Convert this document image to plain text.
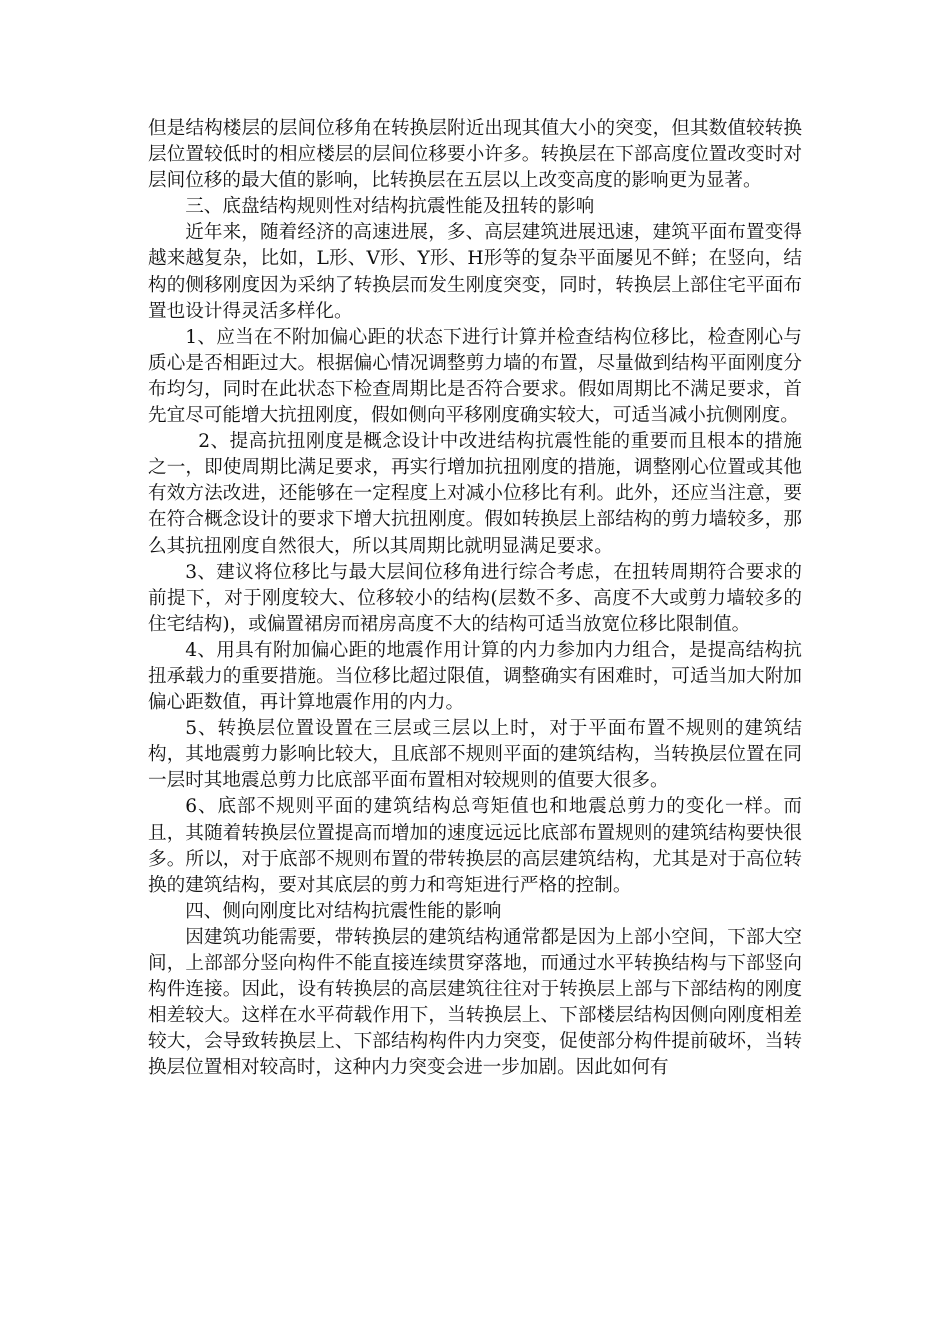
但是结构楼层的层间位移角在转换层附近出现其值大小的突变，但其数值较转换层位置较低时的相应楼层的层间位移要小许多。转换层在下部高度位置改变时对层间位移的最大值的影响，比转换层在五层以上改变高度的影响更为显著。

三、底盘结构规则性对结构抗震性能及扭转的影响

近年来，随着经济的高速进展，多、高层建筑进展迅速，建筑平面布置变得越来越复杂，比如，L形、V形、Y形、H形等的复杂平面屡见不鲜；在竖向，结构的侧移刚度因为采纳了转换层而发生刚度突变，同时，转换层上部住宅平面布置也设计得灵活多样化。

1、应当在不附加偏心距的状态下进行计算并检查结构位移比，检查刚心与质心是否相距过大。根据偏心情况调整剪力墙的布置，尽量做到结构平面刚度分布均匀，同时在此状态下检查周期比是否符合要求。假如周期比不满足要求，首先宜尽可能增大抗扭刚度，假如侧向平移刚度确实较大，可适当减小抗侧刚度。

2、提高抗扭刚度是概念设计中改进结构抗震性能的重要而且根本的措施之一，即使周期比满足要求，再实行增加抗扭刚度的措施，调整刚心位置或其他有效方法改进，还能够在一定程度上对减小位移比有利。此外，还应当注意，要在符合概念设计的要求下增大抗扭刚度。假如转换层上部结构的剪力墙较多，那么其抗扭刚度自然很大，所以其周期比就明显满足要求。

3、建议将位移比与最大层间位移角进行综合考虑，在扭转周期符合要求的前提下，对于刚度较大、位移较小的结构(层数不多、高度不大或剪力墙较多的住宅结构)，或偏置裙房而裙房高度不大的结构可适当放宽位移比限制值。

4、用具有附加偏心距的地震作用计算的内力参加内力组合，是提高结构抗扭承载力的重要措施。当位移比超过限值，调整确实有困难时，可适当加大附加偏心距数值，再计算地震作用的内力。

5、转换层位置设置在三层或三层以上时，对于平面布置不规则的建筑结构，其地震剪力影响比较大，且底部不规则平面的建筑结构，当转换层位置在同一层时其地震总剪力比底部平面布置相对较规则的值要大很多。

6、底部不规则平面的建筑结构总弯矩值也和地震总剪力的变化一样。而且，其随着转换层位置提高而增加的速度远远比底部布置规则的建筑结构要快很多。所以，对于底部不规则布置的带转换层的高层建筑结构，尤其是对于高位转换的建筑结构，要对其底层的剪力和弯矩进行严格的控制。

四、侧向刚度比对结构抗震性能的影响

因建筑功能需要，带转换层的建筑结构通常都是因为上部小空间，下部大空间，上部部分竖向构件不能直接连续贯穿落地，而通过水平转换结构与下部竖向构件连接。因此，设有转换层的高层建筑往往对于转换层上部与下部结构的刚度相差较大。这样在水平荷载作用下，当转换层上、下部楼层结构因侧向刚度相差较大，会导致转换层上、下部结构构件内力突变，促使部分构件提前破坏，当转换层位置相对较高时，这种内力突变会进一步加剧。因此如何有
